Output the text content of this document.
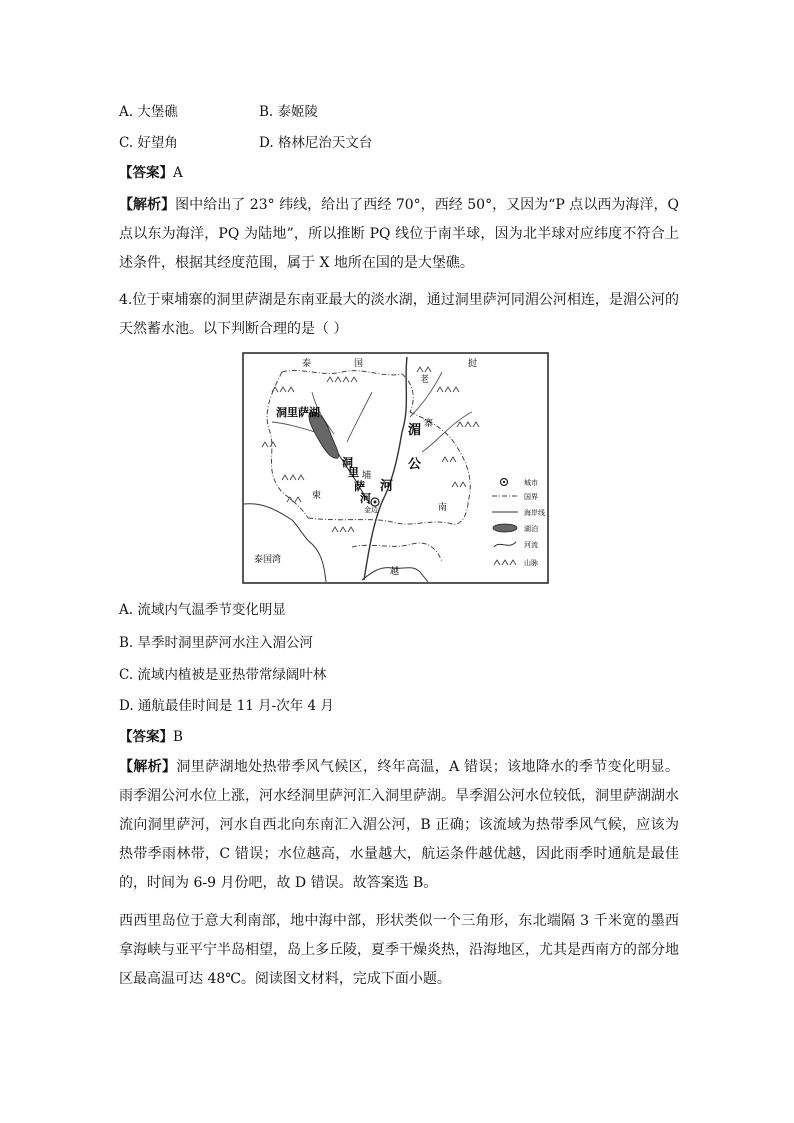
A. 大堡礁	B. 泰姬陵
C. 好望角	D. 格林尼治天文台
【答案】A
【解析】图中给出了 23° 纬线，给出了西经 70°，西经 50°，又因为“P 点以西为海洋，Q 点以东为海洋，PQ 为陆地”，所以推断 PQ 线位于南半球，因为北半球对应纬度不符合上述条件，根据其经度范围，属于 X 地所在国的是大堡礁。
4.位于柬埔寨的洞里萨湖是东南亚最大的淡水湖，通过洞里萨河同湄公河相连，是湄公河的天然蓄水池。以下判断合理的是（ ）
泰	国
老
挝
洞里萨湖
湄
公
河
寨
洞
里
萨
河
埔
柬
金边	南
越
泰国湾
城市
国界
海岸线
湖泊
河流
山脉
A. 流域内气温季节变化明显
B. 旱季时洞里萨河水注入湄公河
C. 流域内植被是亚热带常绿阔叶林
D. 通航最佳时间是 11 月-次年 4 月
【答案】B
【解析】洞里萨湖地处热带季风气候区，终年高温，A 错误；该地降水的季节变化明显。雨季湄公河水位上涨，河水经洞里萨河汇入洞里萨湖。旱季湄公河水位较低，洞里萨湖湖水流向洞里萨河，河水自西北向东南汇入湄公河，B 正确；该流域为热带季风气候，应该为热带季雨林带，C 错误；水位越高，水量越大，航运条件越优越，因此雨季时通航是最佳的，时间为 6-9 月份吧，故 D 错误。故答案选 B。
西西里岛位于意大利南部，地中海中部，形状类似一个三角形，东北端隔 3 千米宽的墨西拿海峡与亚平宁半岛相望，岛上多丘陵，夏季干燥炎热，沿海地区，尤其是西南方的部分地区最高温可达 48℃。阅读图文材料，完成下面小题。
